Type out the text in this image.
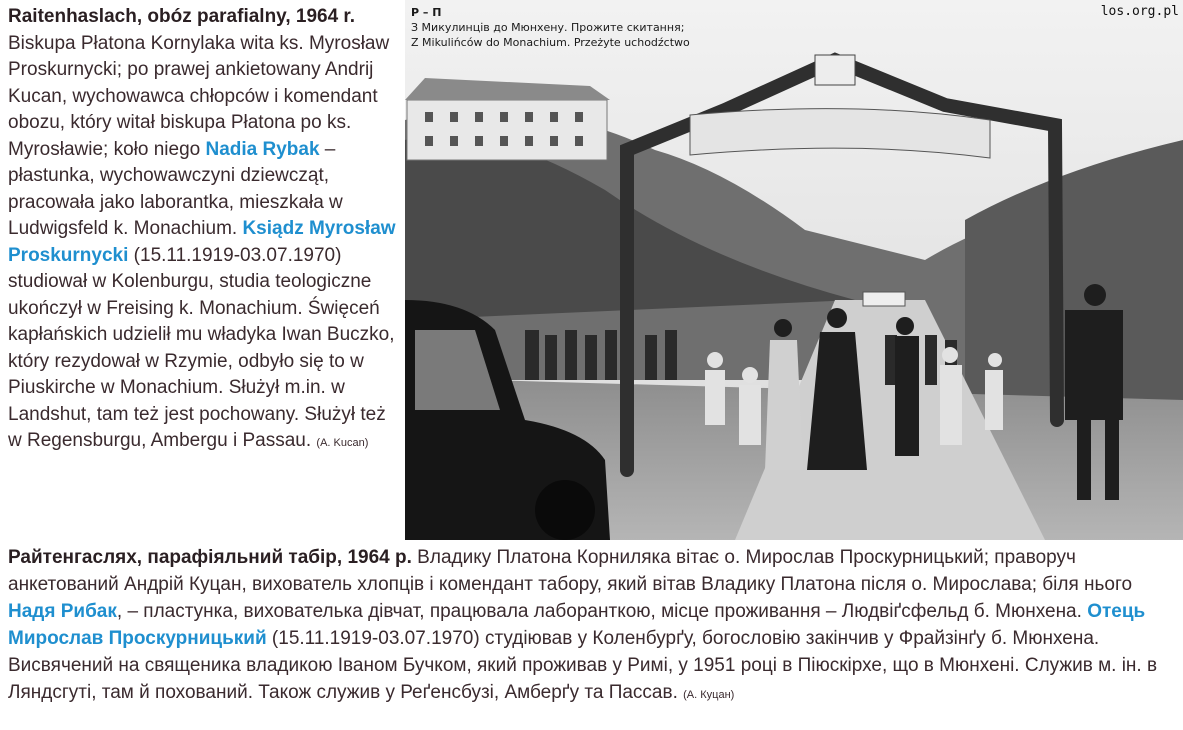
Raitenhaslach, obóz parafialny, 1964 r. Biskupa Płatona Kornylaka wita ks. Myrosław Proskurnycki; po prawej ankietowany Andrij Kucan, wychowawca chłopców i komendant obozu, który witał biskupa Płatona po ks. Myrosławie; koło niego Nadia Rybak – płastunka, wychowawczyni dziewcząt, pracowała jako laborantka, mieszkała w Ludwigsfeld k. Monachium. Ksiądz Myrosław Proskurnycki (15.11.1919-03.07.1970) studiował w Kolenburgu, studia teologiczne ukończył w Freising k. Monachium. Święceń kapłańskich udzielił mu władyka Iwan Buczko, który rezydował w Rzymie, odbyło się to w Piuskirche w Monachium. Służył m.in. w Landshut, tam też jest pochowany. Służył też w Regensburgu, Ambergu i Passau. (A. Kucan)
Р – П
З Микулинців до Мюнхену. Прожите скитання;
Z Mikulińców do Monachium. Przeżyte uchodźctwo
los.org.pl
Райтенгаслях, парафіяльний табір, 1964 р. Владику Платона Корниляка вітає о. Мирослав Проскурницький; праворуч анкетований Андрій Куцан, вихователь хлопців і комендант табору, який вітав Владику Платона після о. Мирослава; біля нього Надя Рибак, – пластунка, вихователька дівчат, працювала лаборанткою, місце проживання – Людвіґсфельд б. Мюнхена. Отець Мирослав Проскурницький (15.11.1919-03.07.1970) студіював у Коленбурґу, богословію закінчив у Фрайзінґу б. Мюнхена. Висвячений на священика владикою Іваном Бучком, який проживав у Римі, у 1951 році в Піюскірхе, що в Мюнхені. Служив м. ін. в Ляндсгуті, там й похований. Також служив у Реґенсбузі, Амберґу та Пассав. (А. Куцан)
